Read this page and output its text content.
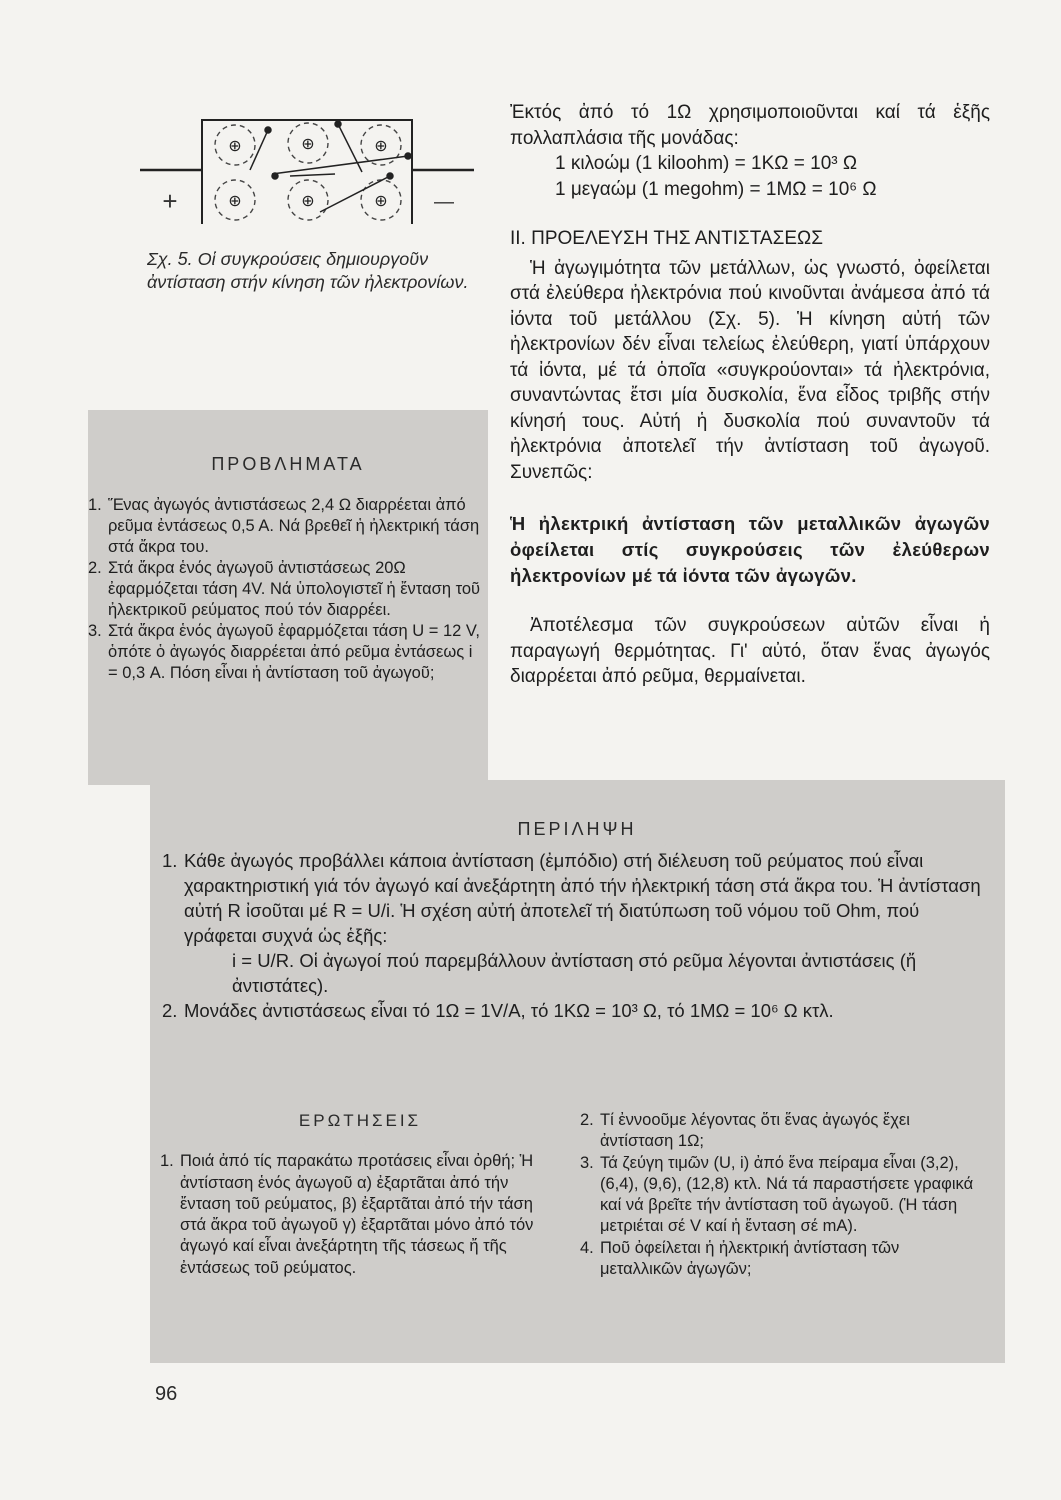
+	—
⊕	⊕	⊕
⊕	⊕	⊕
Σχ. 5. Οἱ συγκρούσεις δημιουργοῦν ἀντίσταση στήν κίνηση τῶν ἠλεκτρονίων.
ΠΡΟΒΛΗΜΑΤΑ
1. Ἕνας ἀγωγός ἀντιστάσεως 2,4 Ω διαρρέεται ἀπό ρεῦμα ἐντάσεως 0,5 Α. Νά βρεθεῖ ἡ ἠλεκτρική τάση στά ἄκρα του.
2. Στά ἄκρα ἑνός ἀγωγοῦ ἀντιστάσεως 20Ω ἐφαρμόζεται τάση 4V. Νά ὑπολογιστεῖ ἡ ἔνταση τοῦ ἠλεκτρικοῦ ρεύματος πού τόν διαρρέει.
3. Στά ἄκρα ἑνός ἀγωγοῦ ἐφαρμόζεται τάση U = 12 V, ὁπότε ὁ ἀγωγός διαρρέεται ἀπό ρεῦμα ἐντάσεως i = 0,3 Α. Πόση εἶναι ἡ ἀντίσταση τοῦ ἀγωγοῦ;

Ἐκτός ἀπό τό 1Ω χρησιμοποιοῦνται καί τά ἑξῆς πολλαπλάσια τῆς μονάδας:

1 κιλοώμ (1 kiloohm) = 1ΚΩ = 10³ Ω

1 μεγαώμ (1 megohm) = 1ΜΩ = 10⁶ Ω

II. ΠΡΟΕΛΕΥΣΗ ΤΗΣ ΑΝΤΙΣΤΑΣΕΩΣ

Ἡ ἀγωγιμότητα τῶν μετάλλων, ὡς γνωστό, ὀφείλεται στά ἐλεύθερα ἠλεκτρόνια πού κινοῦνται ἀνάμεσα ἀπό τά ἰόντα τοῦ μετάλλου (Σχ. 5). Ἡ κίνηση αὐτή τῶν ἠλεκτρονίων δέν εἶναι τελείως ἐλεύθερη, γιατί ὑπάρχουν τά ἰόντα, μέ τά ὁποῖα «συγκρούονται» τά ἠλεκτρόνια, συναντώντας ἔτσι μία δυσκολία, ἕνα εἶδος τριβῆς στήν κίνησή τους. Αὐτή ἡ δυσκολία πού συναντοῦν τά ἠλεκτρόνια ἀποτελεῖ τήν ἀντίσταση τοῦ ἀγωγοῦ. Συνεπῶς:

Ἡ ἠλεκτρική ἀντίσταση τῶν μεταλλικῶν ἀγωγῶν ὀφείλεται στίς συγκρούσεις τῶν ἐλεύθερων ἠλεκτρονίων μέ τά ἰόντα τῶν ἀγωγῶν.

Ἀποτέλεσμα τῶν συγκρούσεων αὐτῶν εἶναι ἡ παραγωγή θερμότητας. Γι' αὐτό, ὅταν ἕνας ἀγωγός διαρρέεται ἀπό ρεῦμα, θερμαίνεται.

ΠΕΡΙΛΗΨΗ
1. Κάθε ἀγωγός προβάλλει κάποια ἀντίσταση (ἐμπόδιο) στή διέλευση τοῦ ρεύματος πού εἶναι χαρακτηριστική γιά τόν ἀγωγό καί ἀνεξάρτητη ἀπό τήν ἠλεκτρική τάση στά ἄκρα του. Ἡ ἀντίσταση αὐτή R ἰσοῦται μέ R = U/i. Ἡ σχέση αὐτή ἀποτελεῖ τή διατύπωση τοῦ νόμου τοῦ Ohm, πού γράφεται συχνά ὡς ἑξῆς:
i = U/R. Οἱ ἀγωγοί πού παρεμβάλλουν ἀντίσταση στό ρεῦμα λέγονται ἀντιστάσεις (ἤ ἀντιστάτες).
2. Μονάδες ἀντιστάσεως εἶναι τό 1Ω = 1V/A, τό 1ΚΩ = 10³ Ω, τό 1ΜΩ = 10⁶ Ω κτλ.
ΕΡΩΤΗΣΕΙΣ
1. Ποιά ἀπό τίς παρακάτω προτάσεις εἶναι ὀρθή; Ἡ ἀντίσταση ἑνός ἀγωγοῦ α) ἐξαρτᾶται ἀπό τήν ἔνταση τοῦ ρεύματος, β) ἐξαρτᾶται ἀπό τήν τάση στά ἄκρα τοῦ ἀγωγοῦ γ) ἐξαρτᾶται μόνο ἀπό τόν ἀγωγό καί εἶναι ἀνεξάρτητη τῆς τάσεως ἤ τῆς ἐντάσεως τοῦ ρεύματος.
2. Τί ἐννοοῦμε λέγοντας ὅτι ἕνας ἀγωγός ἔχει ἀντίσταση 1Ω;
3. Τά ζεύγη τιμῶν (U, i) ἀπό ἕνα πείραμα εἶναι (3,2), (6,4), (9,6), (12,8) κτλ. Νά τά παραστήσετε γραφικά καί νά βρεῖτε τήν ἀντίσταση τοῦ ἀγωγοῦ. (Ἡ τάση μετριέται σέ V καί ἡ ἔνταση σέ mA).
4. Ποῦ ὀφείλεται ἡ ἠλεκτρική ἀντίσταση τῶν μεταλλικῶν ἀγωγῶν;
96
